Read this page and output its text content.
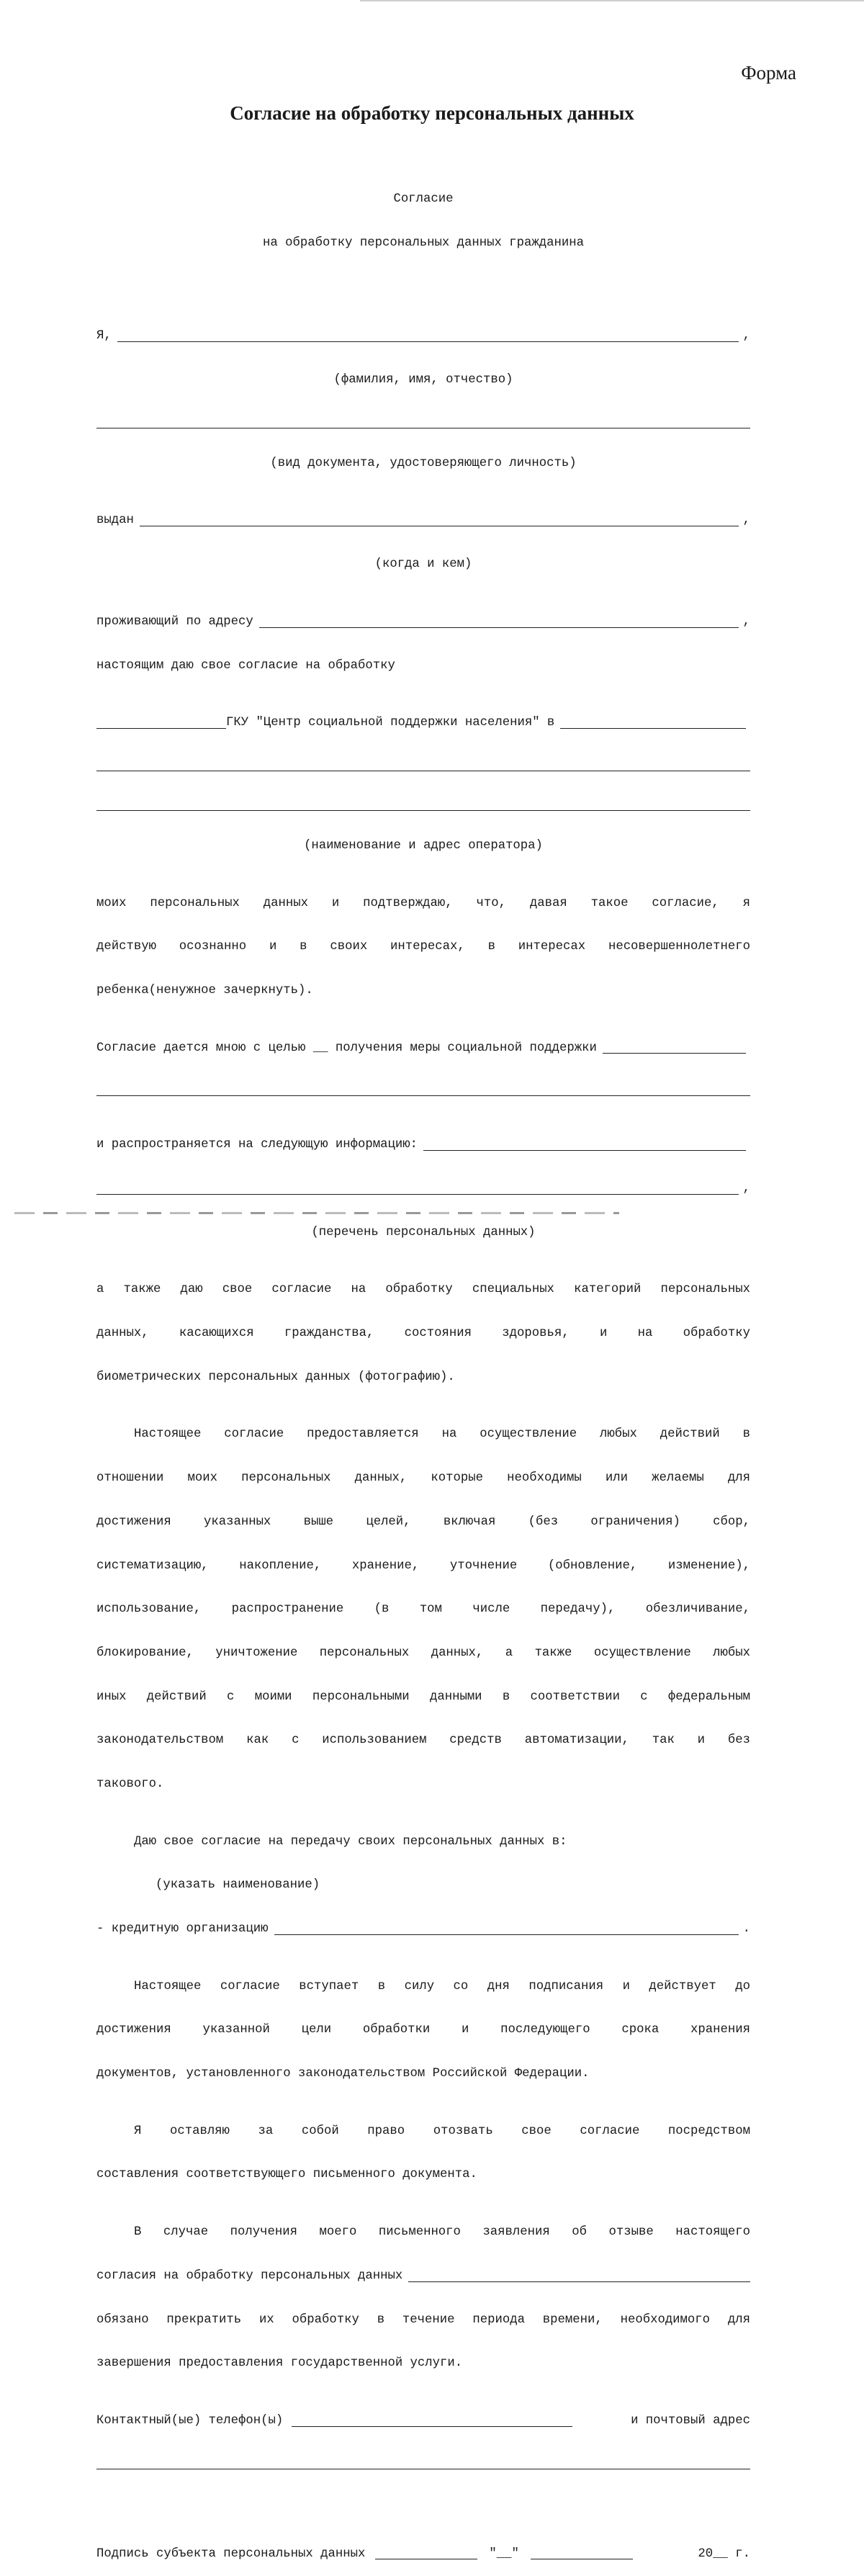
Форма
Согласие на обработку персональных данных

Согласие

на обработку персональных данных гражданина

Я,	,

(фамилия, имя, отчество)

(вид документа, удостоверяющего личность)

выдан	,

(когда и кем)

проживающий по адресу	,

настоящим даю свое согласие на обработку

ГКУ "Центр социальной поддержки населения" в

(наименование и адрес оператора)

моих персональных данных и подтверждаю, что, давая такое согласие, я

действую осознанно и в своих интересах, в интересах несовершеннолетнего

ребенка(ненужное зачеркнуть).

Согласие дается мною с целью __ получения меры социальной поддержки

и распространяется на следующую информацию:

,

(перечень персональных данных)

а также даю свое согласие на обработку специальных категорий персональных

данных, касающихся гражданства, состояния здоровья, и на обработку

биометрических персональных данных (фотографию).

Настоящее согласие предоставляется на осуществление любых действий в

отношении моих персональных данных, которые необходимы или желаемы для

достижения указанных выше целей, включая (без ограничения) сбор,

систематизацию, накопление, хранение, уточнение (обновление, изменение),

использование, распространение (в том числе передачу), обезличивание,

блокирование, уничтожение персональных данных, а также осуществление любых

иных действий с моими персональными данными в соответствии с федеральным

законодательством как с использованием средств автоматизации, так и без

такового.

Даю свое согласие на передачу своих персональных данных в:

(указать наименование)

- кредитную организацию	.

Настоящее согласие вступает в силу со дня подписания и действует до

достижения указанной цели обработки и последующего срока хранения

документов, установленного законодательством Российской Федерации.

Я оставляю за собой право отозвать свое согласие посредством

составления соответствующего письменного документа.

В случае получения моего письменного заявления об отзыве настоящего

согласия на обработку персональных данных

обязано прекратить их обработку в течение периода времени, необходимого для

завершения предоставления государственной услуги.

Контактный(ые) телефон(ы)	и почтовый адрес

Подпись субъекта персональных данных	"__"	20__ г.
